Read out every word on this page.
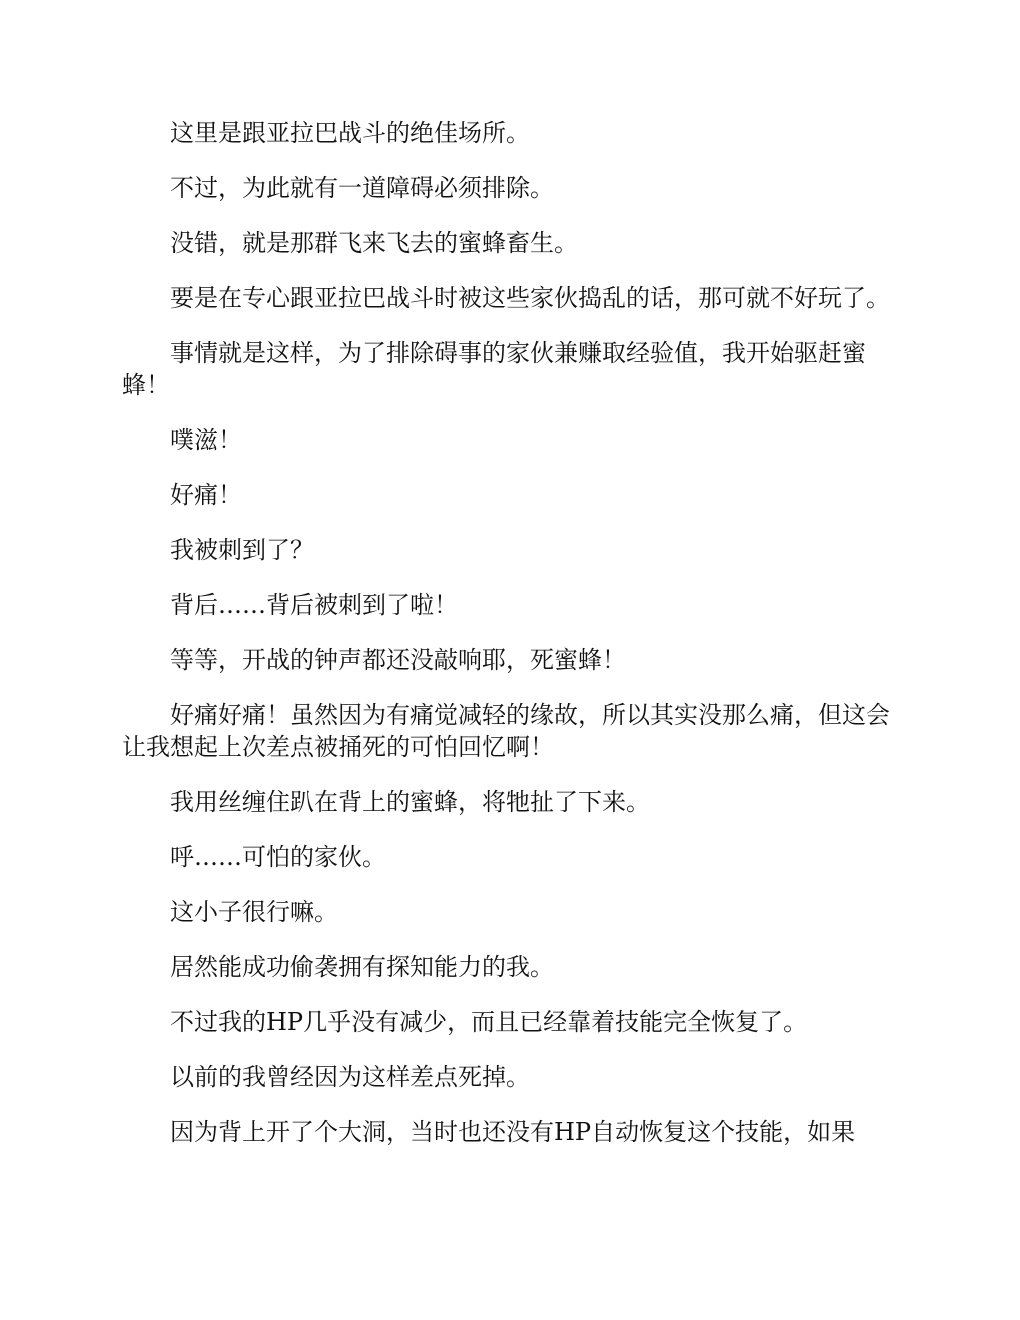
这里是跟亚拉巴战斗的绝佳场所。

不过，为此就有一道障碍必须排除。

没错，就是那群飞来飞去的蜜蜂畜生。

要是在专心跟亚拉巴战斗时被这些家伙捣乱的话，那可就不好玩了。

事情就是这样，为了排除碍事的家伙兼赚取经验值，我开始驱赶蜜蜂！

噗滋！

好痛！

我被刺到了？

背后……背后被刺到了啦！

等等，开战的钟声都还没敲响耶，死蜜蜂！

好痛好痛！虽然因为有痛觉减轻的缘故，所以其实没那么痛，但这会让我想起上次差点被捅死的可怕回忆啊！

我用丝缠住趴在背上的蜜蜂，将牠扯了下来。

呼……可怕的家伙。

这小子很行嘛。

居然能成功偷袭拥有探知能力的我。

不过我的HP几乎没有减少，而且已经靠着技能完全恢复了。

以前的我曾经因为这样差点死掉。

因为背上开了个大洞，当时也还没有HP自动恢复这个技能，如果
